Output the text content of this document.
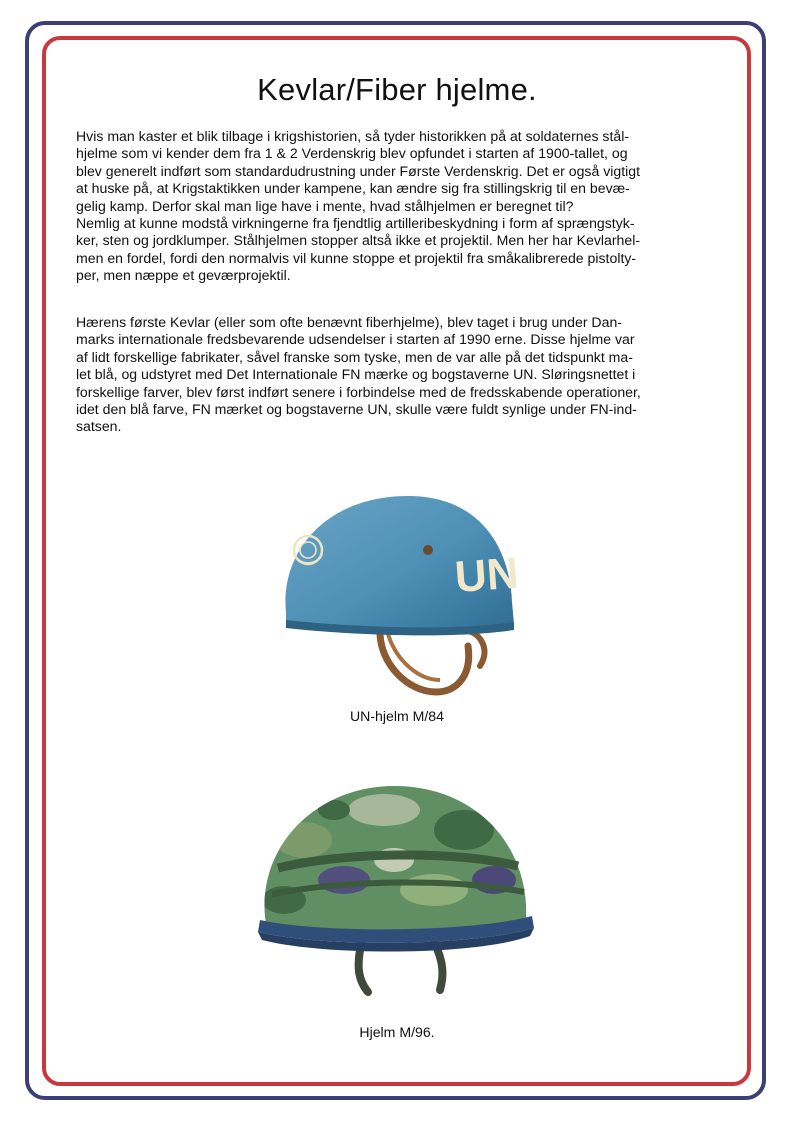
Kevlar/Fiber hjelme.

Hvis man kaster et blik tilbage i krigshistorien, så tyder historikken på at soldaternes stål-
hjelme som vi kender dem fra 1 & 2 Verdenskrig blev opfundet i starten af 1900-tallet, og
blev generelt indført som standardudrustning under Første Verdenskrig. Det er også vigtigt
at huske på, at Krigstaktikken under kampene, kan ændre sig fra stillingskrig til en bevæ-
gelig kamp. Derfor skal man lige have i mente, hvad stålhjelmen er beregnet til?
Nemlig at kunne modstå virkningerne fra fjendtlig artilleribeskydning i form af sprængstyk-
ker, sten og jordklumper. Stålhjelmen stopper altså ikke et projektil. Men her har Kevlarhel-
men en fordel, fordi den normalvis vil kunne stoppe et projektil fra småkalibrerede pistolty-
per, men næppe et geværprojektil.

Hærens første Kevlar (eller som ofte benævnt fiberhjelme), blev taget i brug under Dan-
marks internationale fredsbevarende udsendelser i starten af 1990 erne. Disse hjelme var
af lidt forskellige fabrikater, såvel franske som tyske, men de var alle på det tidspunkt ma-
let blå, og udstyret med Det Internationale FN mærke og bogstaverne UN. Sløringsnettet i
forskellige farver, blev først indført senere i forbindelse med de fredsskabende operationer,
idet den blå farve, FN mærket og bogstaverne UN, skulle være fuldt synlige under FN-ind-
satsen.

UN
UN-hjelm M/84
Hjelm M/96.
